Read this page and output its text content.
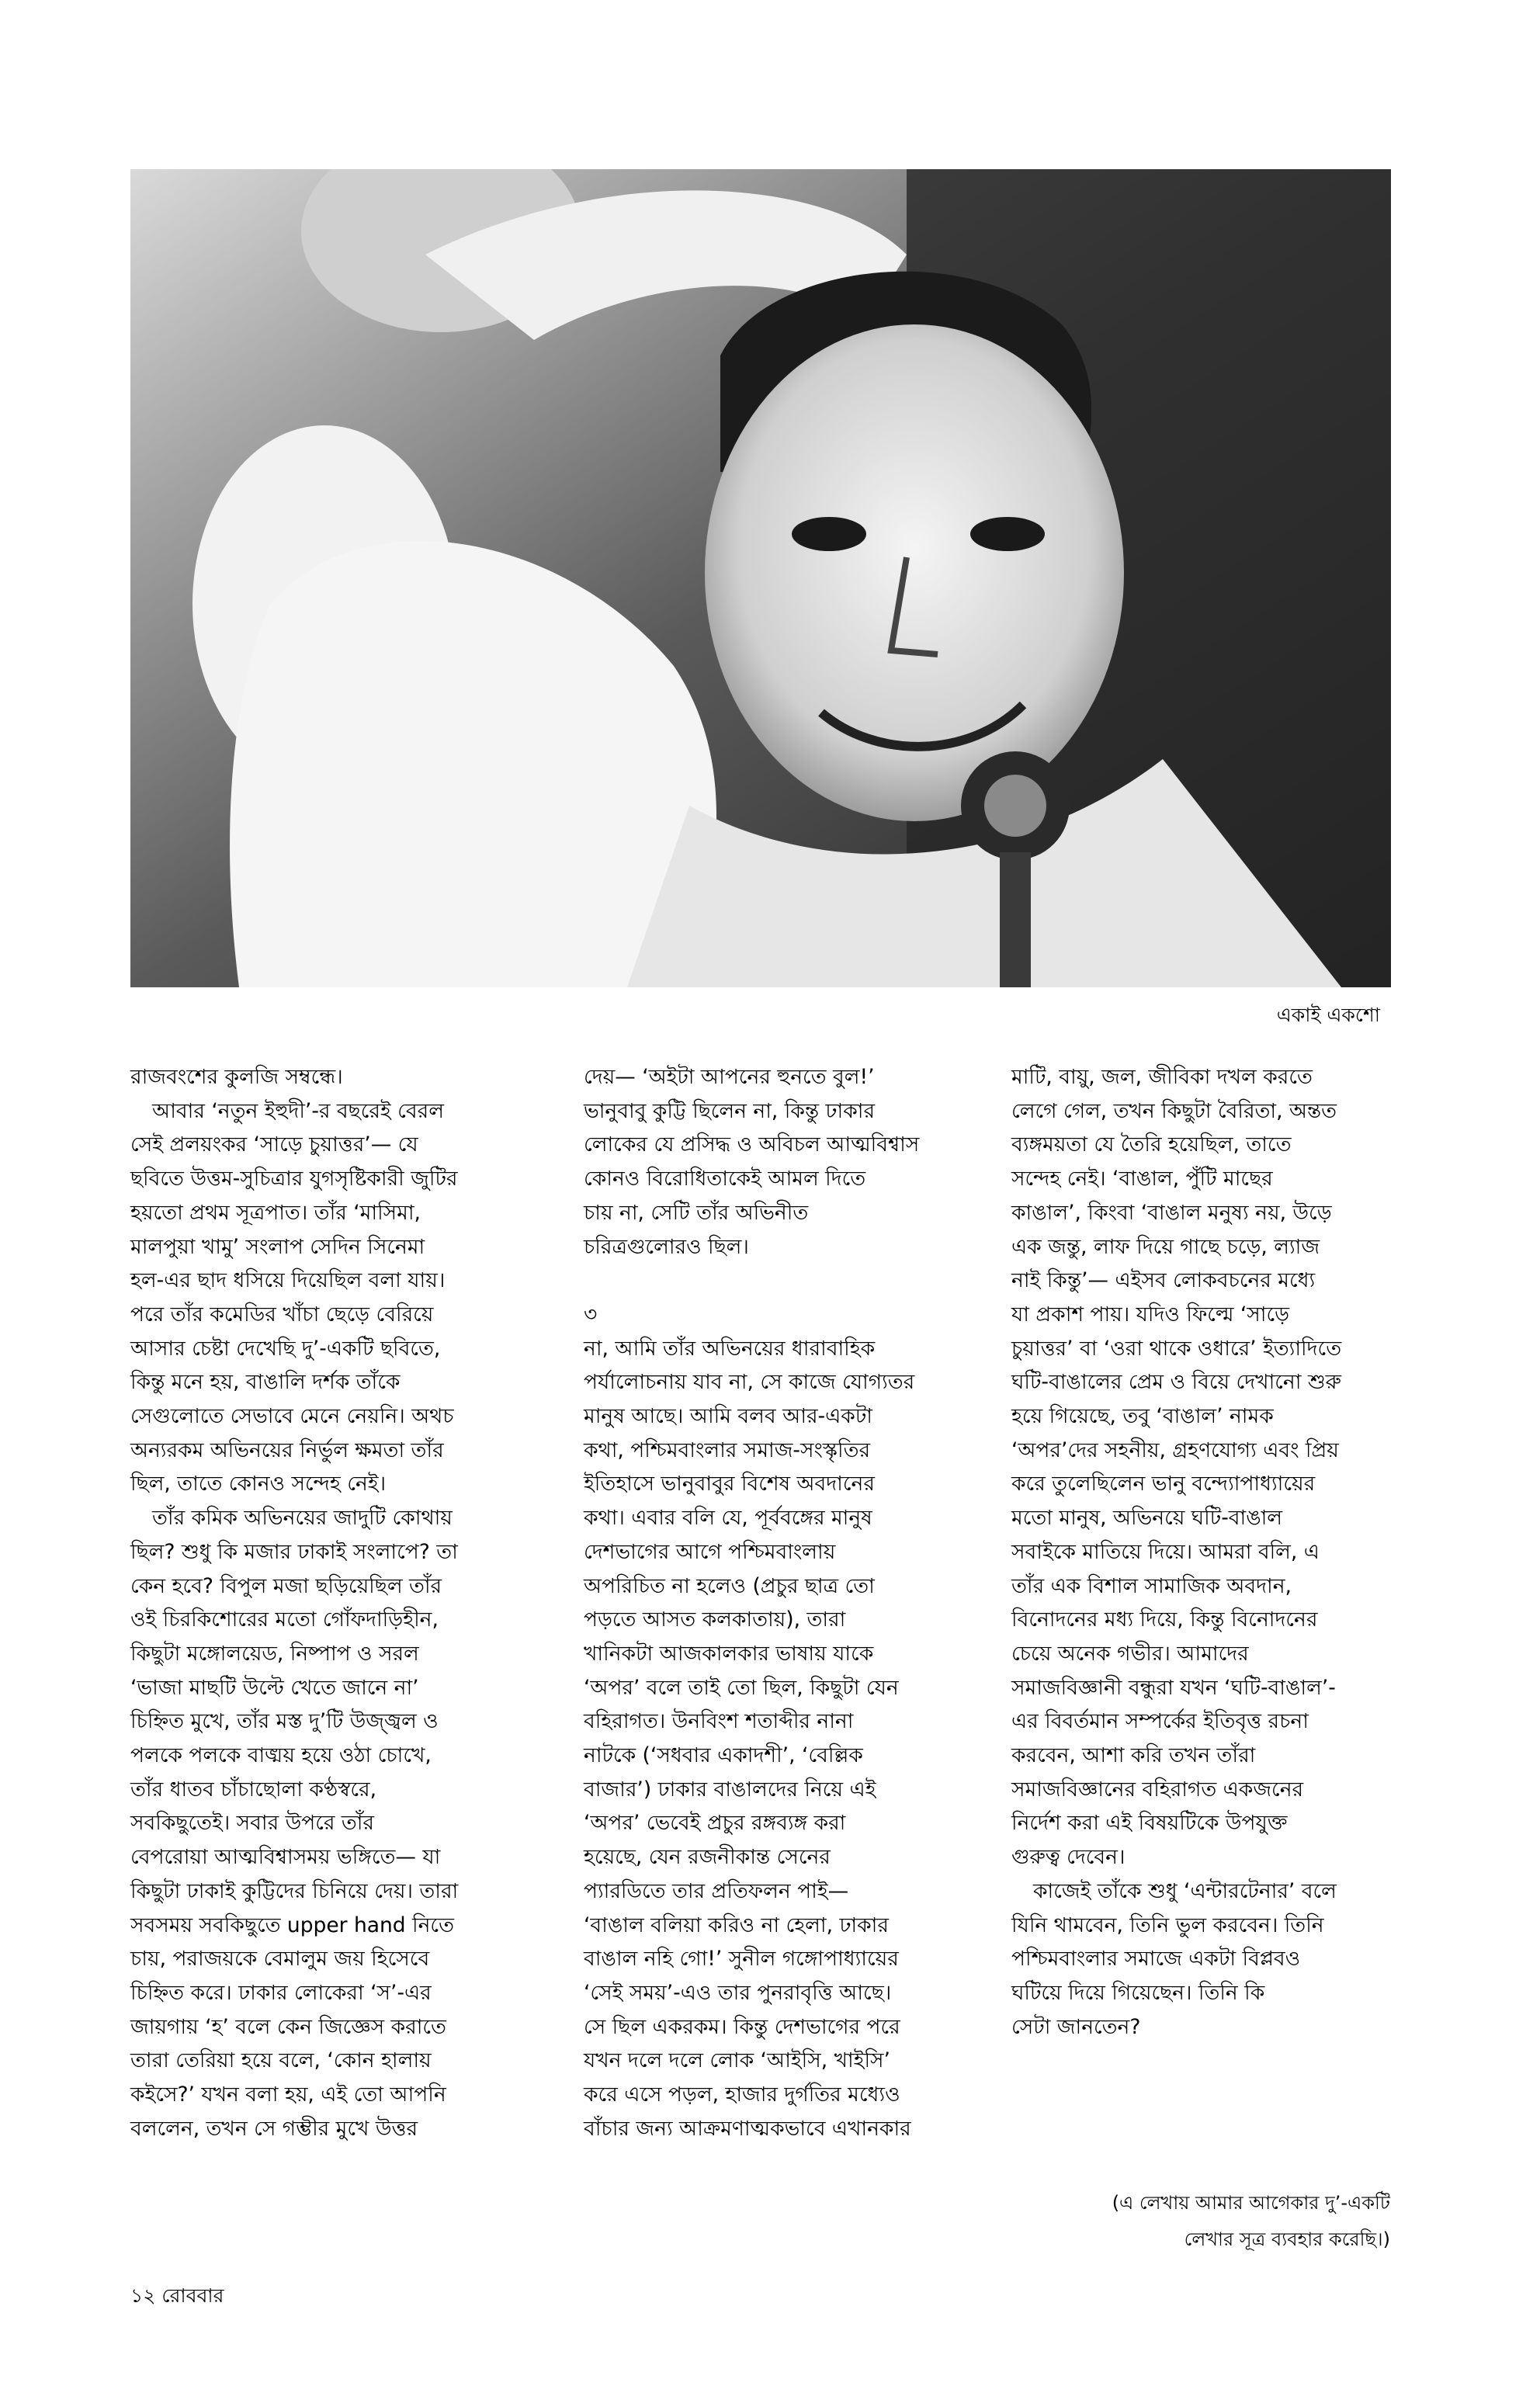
একাই একশো

রাজবংশের কুলজি সম্বন্ধে।

আবার ‘নতুন ইহুদী’-র বছরেই বেরল

সেই প্রলয়ংকর ‘সাড়ে চুয়াত্তর’— যে

ছবিতে উত্তম-সুচিত্রার যুগসৃষ্টিকারী জুটির

হয়তো প্রথম সূত্রপাত। তাঁর ‘মাসিমা,

মালপুয়া খামু’ সংলাপ সেদিন সিনেমা

হল-এর ছাদ ধসিয়ে দিয়েছিল বলা যায়।

পরে তাঁর কমেডির খাঁচা ছেড়ে বেরিয়ে

আসার চেষ্টা দেখেছি দু’-একটি ছবিতে,

কিন্তু মনে হয়, বাঙালি দর্শক তাঁকে

সেগুলোতে সেভাবে মেনে নেয়নি। অথচ

অন্যরকম অভিনয়ের নির্ভুল ক্ষমতা তাঁর

ছিল, তাতে কোনও সন্দেহ নেই।

তাঁর কমিক অভিনয়ের জাদুটি কোথায়

ছিল? শুধু কি মজার ঢাকাই সংলাপে? তা

কেন হবে? বিপুল মজা ছড়িয়েছিল তাঁর

ওই চিরকিশোরের মতো গোঁফদাড়িহীন,

কিছুটা মঙ্গোলয়েড, নিষ্পাপ ও সরল

‘ভাজা মাছটি উল্টে খেতে জানে না’

চিহ্নিত মুখে, তাঁর মস্ত দু’টি উজ্জ্বল ও

পলকে পলকে বাঙ্ময় হয়ে ওঠা চোখে,

তাঁর ধাতব চাঁচাছোলা কণ্ঠস্বরে,

সবকিছুতেই। সবার উপরে তাঁর

বেপরোয়া আত্মবিশ্বাসময় ভঙ্গিতে— যা

কিছুটা ঢাকাই কুট্টিদের চিনিয়ে দেয়। তারা

সবসময় সবকিছুতে upper hand নিতে

চায়, পরাজয়কে বেমালুম জয় হিসেবে

চিহ্নিত করে। ঢাকার লোকেরা ‘স’-এর

জায়গায় ‘হ’ বলে কেন জিজ্ঞেস করাতে

তারা তেরিয়া হয়ে বলে, ‘কোন হালায়

কইসে?’ যখন বলা হয়, এই তো আপনি

বললেন, তখন সে গম্ভীর মুখে উত্তর

দেয়— ‘অইটা আপনের হুনতে বুল!’

ভানুবাবু কুট্টি ছিলেন না, কিন্তু ঢাকার

লোকের যে প্রসিদ্ধ ও অবিচল আত্মবিশ্বাস

কোনও বিরোধিতাকেই আমল দিতে

চায় না, সেটি তাঁর অভিনীত

চরিত্রগুলোরও ছিল।

৩

না, আমি তাঁর অভিনয়ের ধারাবাহিক

পর্যালোচনায় যাব না, সে কাজে যোগ্যতর

মানুষ আছে। আমি বলব আর-একটা

কথা, পশ্চিমবাংলার সমাজ-সংস্কৃতির

ইতিহাসে ভানুবাবুর বিশেষ অবদানের

কথা। এবার বলি যে, পূর্ববঙ্গের মানুষ

দেশভাগের আগে পশ্চিমবাংলায়

অপরিচিত না হলেও (প্রচুর ছাত্র তো

পড়তে আসত কলকাতায়), তারা

খানিকটা আজকালকার ভাষায় যাকে

‘অপর’ বলে তাই তো ছিল, কিছুটা যেন

বহিরাগত। উনবিংশ শতাব্দীর নানা

নাটকে (‘সধবার একাদশী’, ‘বেল্লিক

বাজার’) ঢাকার বাঙালদের নিয়ে এই

‘অপর’ ভেবেই প্রচুর রঙ্গব্যঙ্গ করা

হয়েছে, যেন রজনীকান্ত সেনের

প্যারডিতে তার প্রতিফলন পাই—

‘বাঙাল বলিয়া করিও না হেলা, ঢাকার

বাঙাল নহি গো!’ সুনীল গঙ্গোপাধ্যায়ের

‘সেই সময়’-এও তার পুনরাবৃত্তি আছে।

সে ছিল একরকম। কিন্তু দেশভাগের পরে

যখন দলে দলে লোক ‘আইসি, খাইসি’

করে এসে পড়ল, হাজার দুর্গতির মধ্যেও

বাঁচার জন্য আক্রমণাত্মকভাবে এখানকার

মাটি, বায়ু, জল, জীবিকা দখল করতে

লেগে গেল, তখন কিছুটা বৈরিতা, অন্তত

ব্যঙ্গময়তা যে তৈরি হয়েছিল, তাতে

সন্দেহ নেই। ‘বাঙাল, পুঁটি মাছের

কাঙাল’, কিংবা ‘বাঙাল মনুষ্য নয়, উড়ে

এক জন্তু, লাফ দিয়ে গাছে চড়ে, ল্যাজ

নাই কিন্তু’— এইসব লোকবচনের মধ্যে

যা প্রকাশ পায়। যদিও ফিল্মে ‘সাড়ে

চুয়াত্তর’ বা ‘ওরা থাকে ওধারে’ ইত্যাদিতে

ঘটি-বাঙালের প্রেম ও বিয়ে দেখানো শুরু

হয়ে গিয়েছে, তবু ‘বাঙাল’ নামক

‘অপর’দের সহনীয়, গ্রহণযোগ্য এবং প্রিয়

করে তুলেছিলেন ভানু বন্দ্যোপাধ্যায়ের

মতো মানুষ, অভিনয়ে ঘটি-বাঙাল

সবাইকে মাতিয়ে দিয়ে। আমরা বলি, এ

তাঁর এক বিশাল সামাজিক অবদান,

বিনোদনের মধ্য দিয়ে, কিন্তু বিনোদনের

চেয়ে অনেক গভীর। আমাদের

সমাজবিজ্ঞানী বন্ধুরা যখন ‘ঘটি-বাঙাল’-

এর বিবর্তমান সম্পর্কের ইতিবৃত্ত রচনা

করবেন, আশা করি তখন তাঁরা

সমাজবিজ্ঞানের বহিরাগত একজনের

নির্দেশ করা এই বিষয়টিকে উপযুক্ত

গুরুত্ব দেবেন।

কাজেই তাঁকে শুধু ‘এন্টারটেনার’ বলে

যিনি থামবেন, তিনি ভুল করবেন। তিনি

পশ্চিমবাংলার সমাজে একটা বিপ্লবও

ঘটিয়ে দিয়ে গিয়েছেন। তিনি কি

সেটা জানতেন?

(এ লেখায় আমার আগেকার দু’-একটি

লেখার সূত্র ব্যবহার করেছি।)

১২ রোববার
